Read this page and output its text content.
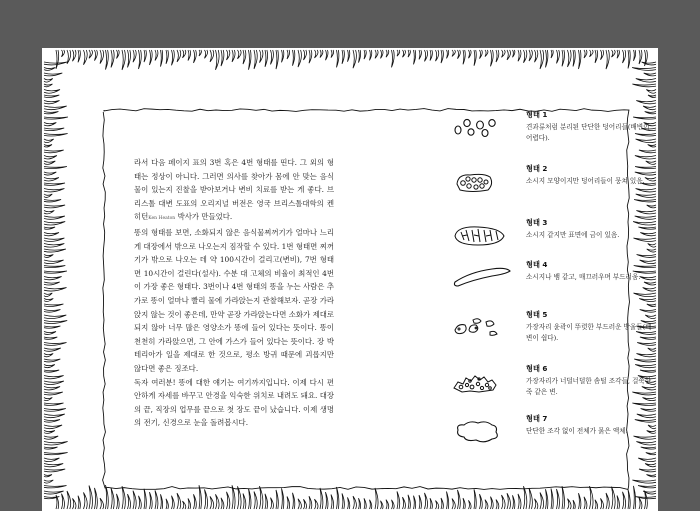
라서 다음 페이지 표의 3번 혹은 4번 형태를 띤다. 그 외의 형태는 정상이 아니다. 그러면 의사를 찾아가 몸에 안 맞는 음식물이 있는지 진찰을 받아보거나 변비 치료를 받는 게 좋다. 브리스톨 대변 도표의 오리지널 버전은 영국 브리스톨대학의 켄 히턴Ken Heaton 박사가 만들었다.

똥의 형태를 보면, 소화되지 않은 음식물찌꺼기가 얼마나 느리게 대장에서 밖으로 나오는지 짐작할 수 있다. 1번 형태면 찌꺼기가 밖으로 나오는 데 약 100시간이 걸리고(변비), 7번 형태면 10시간이 걸린다(설사). 수분 대 고체의 비율이 최적인 4번이 가장 좋은 형태다. 3번이나 4번 형태의 똥을 누는 사람은 추가로 똥이 얼마나 빨리 물에 가라앉는지 관찰해보자. 곧장 가라앉지 않는 것이 좋은데, 만약 곧장 가라앉는다면 소화가 제대로 되지 않아 너무 많은 영양소가 똥에 들어 있다는 뜻이다. 똥이 천천히 가라앉으면, 그 안에 가스가 들어 있다는 뜻이다. 장 박테리아가 일을 제대로 한 것으로, 평소 방귀 때문에 괴롭지만 않다면 좋은 징조다.

독자 여러분! 똥에 대한 얘기는 여기까지입니다. 이제 다시 편안하게 자세를 바꾸고 안경을 익숙한 위치로 내려도 돼요. 대장의 끝, 직장의 업무를 끝으로 첫 장도 끝이 났습니다. 이제 생명의 전기, 신경으로 눈을 돌려봅시다.

형태 1
견과류처럼 분리된 단단한 덩어리들(배변이 어렵다).
형태 2
소시지 모양이지만 덩어리들이 뭉쳐 있음.
형태 3
소시지 같지만 표면에 금이 있음.
형태 4
소시지나 뱀 같고, 매끄러우며 부드러움.
형태 5
가장자리 윤곽이 뚜렷한 부드러운 방울들(배변이 쉽다).
형태 6
가장자리가 너덜너덜한 솜털 조각들, 걸쭉한 죽 같은 변.
형태 7
단단한 조각 없이 전체가 묽은 액체.
